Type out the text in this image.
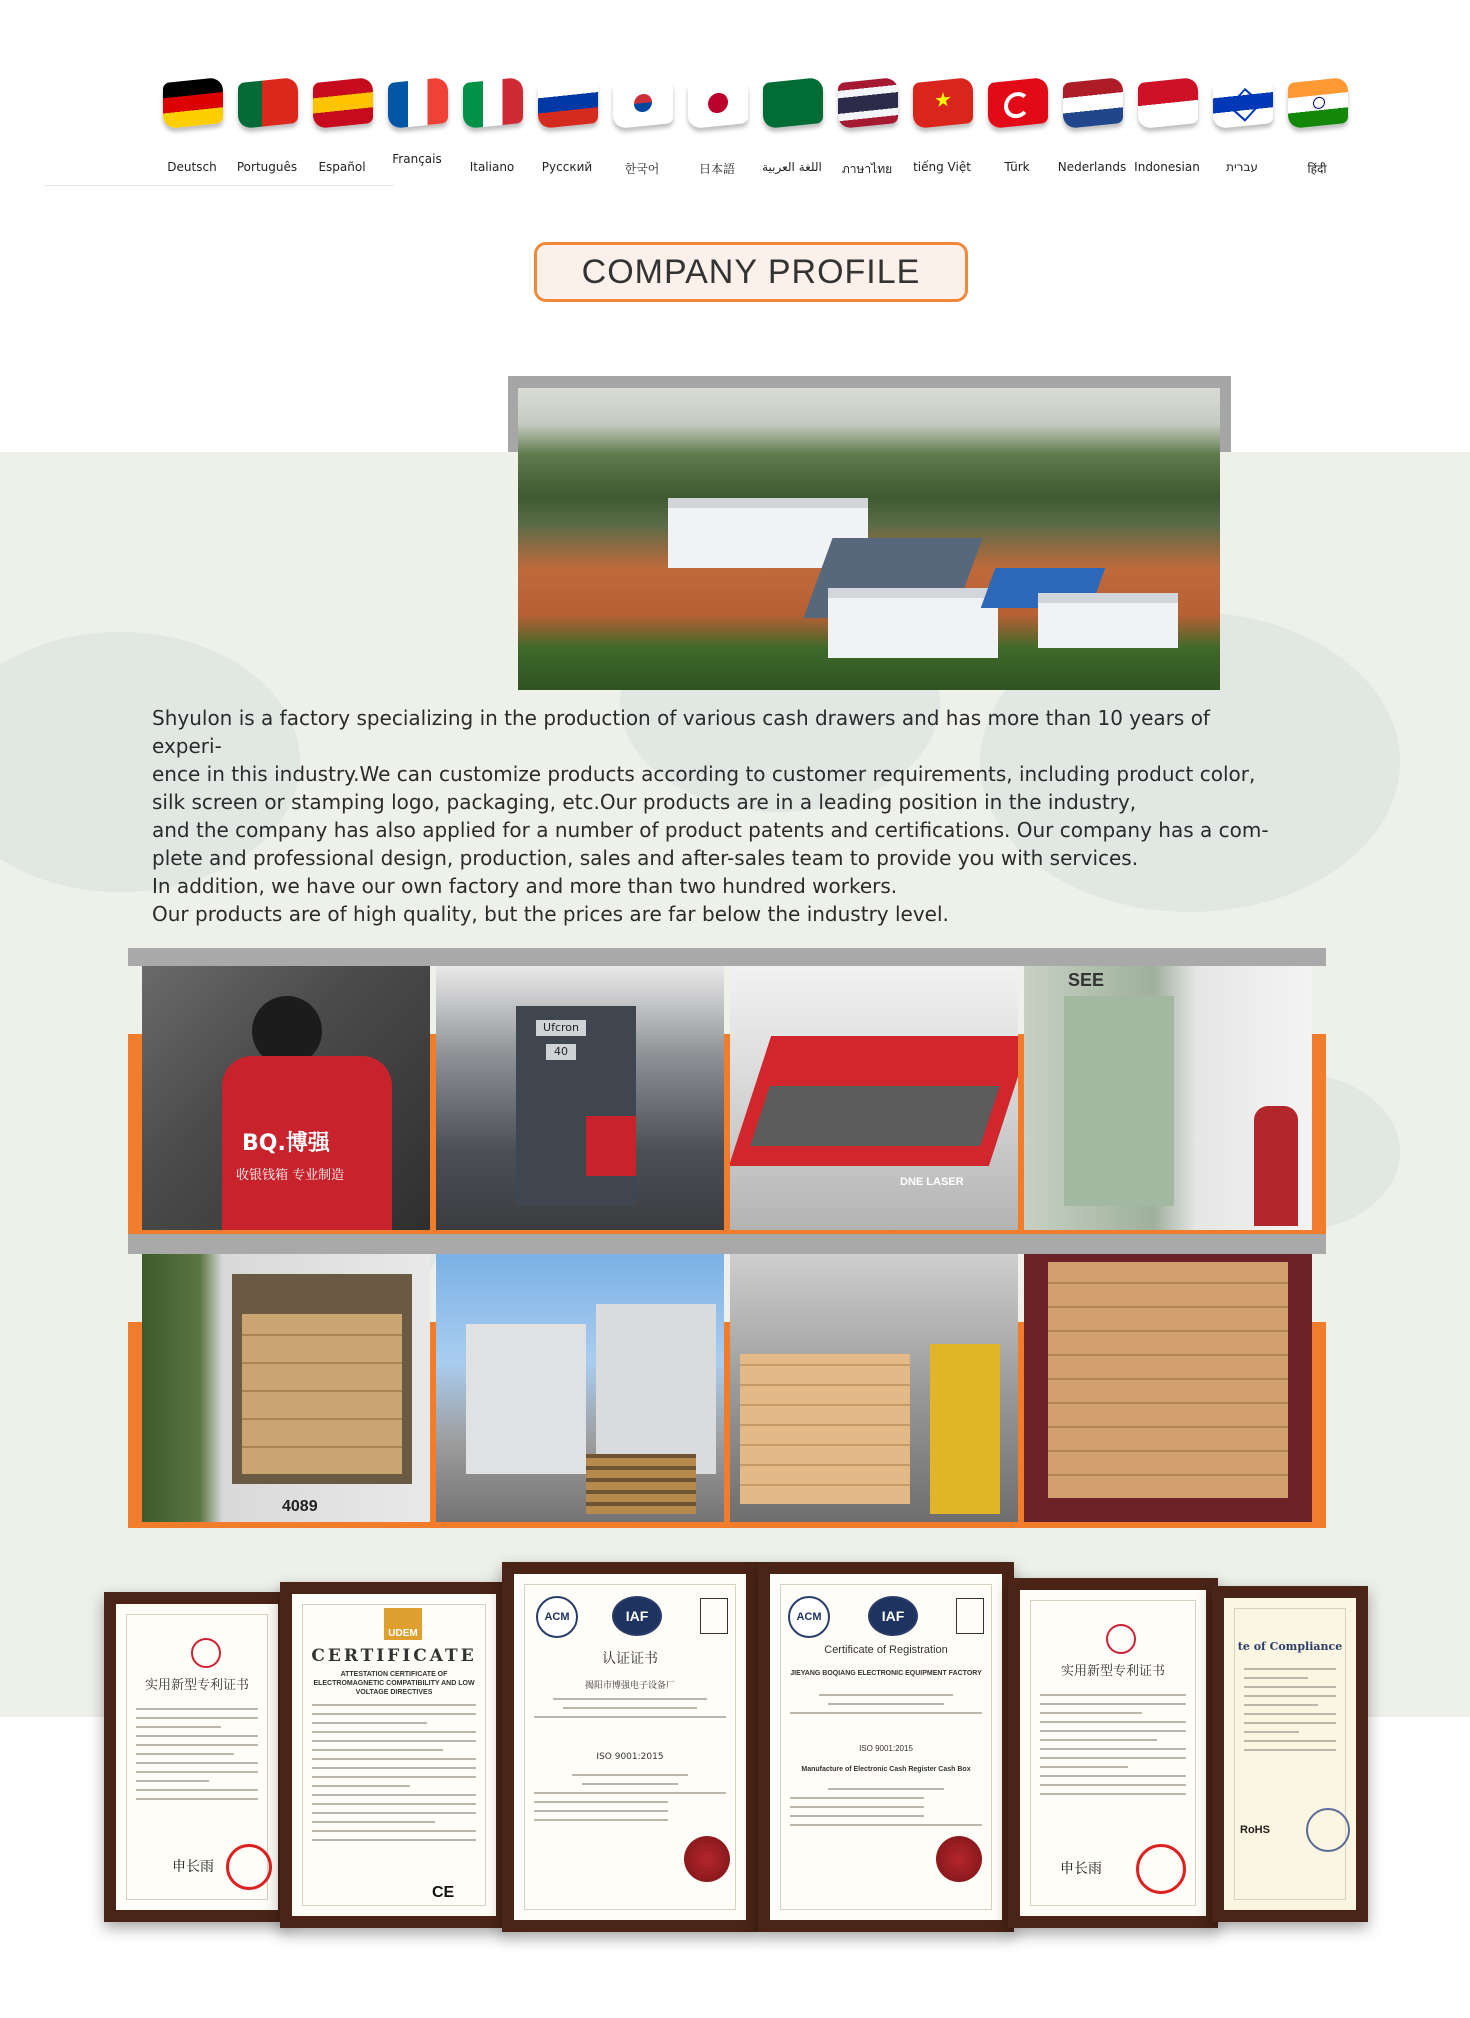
Deutsch	Português	Español
Français
Italiano	Русский	한국어	日本語	اللغة العربية	ภาษาไทย	tiếng Việt	Türk	Nederlands Indonesian	עברית	हिंदी
COMPANY PROFILE

Shyulon is a factory specializing in the production of various cash drawers and has more than 10 years of experi-

ence in this industry.We can customize products according to customer requirements, including product color,

silk screen or stamping logo, packaging, etc.Our products are in a leading position in the industry,

and the company has also applied for a number of product patents and certifications. Our company has a com-

plete and professional design, production, sales and after-sales team to provide you with services.

In addition, we have our own factory and more than two hundred workers.

Our products are of high quality, but the prices are far below the industry level.

BQ.博强
收银钱箱 专业制造
Ufcron
40
DNE LASER
SEE
4089
实用新型专利证书
申长雨
UDEM
CERTIFICATE
ATTESTATION CERTIFICATE OF ELECTROMAGNETIC COMPATIBILITY AND LOW VOLTAGE DIRECTIVES
CE
ACM	IAF
认证证书
揭阳市博强电子设备厂
ISO 9001:2015
ACM	IAF
Certificate of Registration
JIEYANG BOQIANG ELECTRONIC EQUIPMENT FACTORY
ISO 9001:2015
Manufacture of Electronic Cash Register Cash Box
实用新型专利证书
申长雨
te of Compliance
RoHS
